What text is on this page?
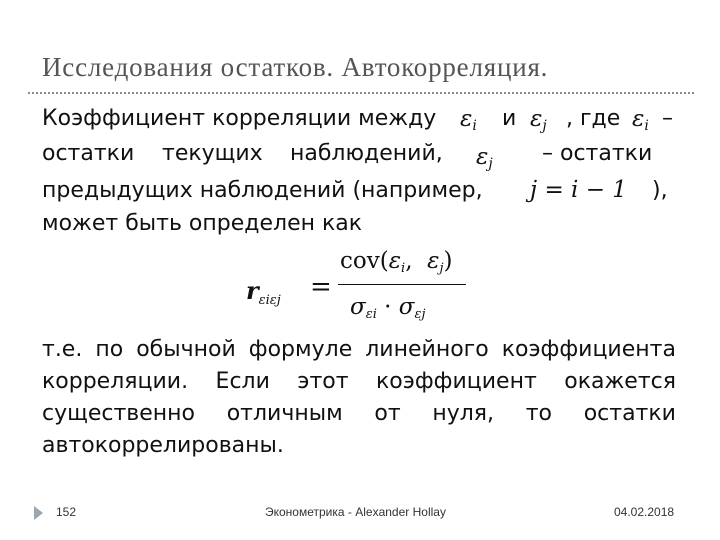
Исследования остатков. Автокорреляция.
Коэффициент корреляции между $\varepsilon_i$ и $\varepsilon_j$ , где $\varepsilon_i$ –
остатки текущих наблюдений, $\varepsilon_j$ – остатки
предыдущих наблюдений (например, j = i − 1 ),
может быть определен как
$r_{\varepsilon i\varepsilon j}$ =
$cov(\varepsilon_i$, $\varepsilon_j$)
$\sigma_{\varepsilon i} \cdot \sigma_{\varepsilon j}$
т.е. по обычной формуле линейного коэффициента
корреляции. Если этот коэффициент окажется
существенно отличным от нуля, то остатки
автокоррелированы.
152	Эконометрика - Alexander Hollay	04.02.2018
